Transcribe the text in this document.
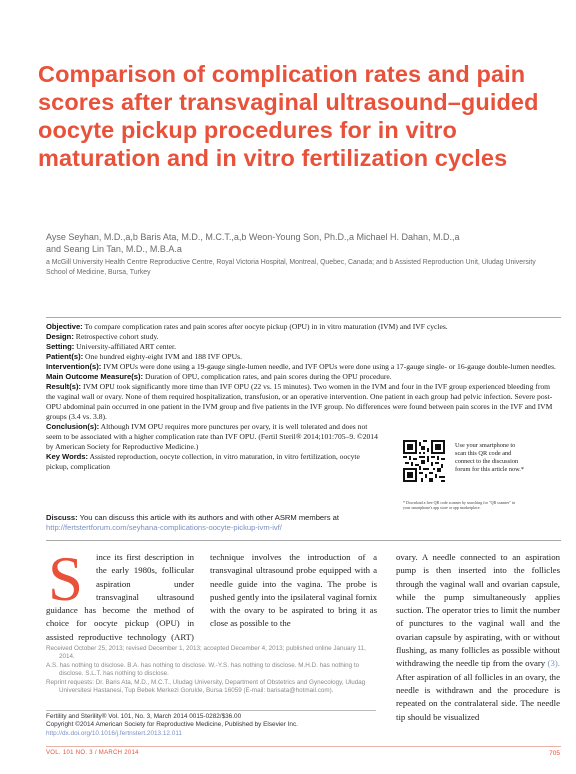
Comparison of complication rates and pain scores after transvaginal ultrasound–guided oocyte pickup procedures for in vitro maturation and in vitro fertilization cycles
Ayse Seyhan, M.D.,a,b Baris Ata, M.D., M.C.T.,a,b Weon-Young Son, Ph.D.,a Michael H. Dahan, M.D.,a
and Seang Lin Tan, M.D., M.B.A.a
a McGill University Health Centre Reproductive Centre, Royal Victoria Hospital, Montreal, Quebec, Canada; and b Assisted Reproduction Unit, Uludag University School of Medicine, Bursa, Turkey
Objective: To compare complication rates and pain scores after oocyte pickup (OPU) in in vitro maturation (IVM) and IVF cycles.
Design: Retrospective cohort study.
Setting: University-affiliated ART center.
Patient(s): One hundred eighty-eight IVM and 188 IVF OPUs.
Intervention(s): IVM OPUs were done using a 19-gauge single-lumen needle, and IVF OPUs were done using a 17-gauge single- or 16-gauge double-lumen needles.
Main Outcome Measure(s): Duration of OPU, complication rates, and pain scores during the OPU procedure.
Result(s): IVM OPU took significantly more time than IVF OPU (22 vs. 15 minutes). Two women in the IVM and four in the IVF group experienced bleeding from the vaginal wall or ovary. None of them required hospitalization, transfusion, or an operative intervention. One patient in each group had pelvic infection. Severe post-OPU abdominal pain occurred in one patient in the IVM group and five patients in the IVF group. No differences were found between pain scores in the IVF and IVM groups (3.4 vs. 3.8).
Conclusion(s): Although IVM OPU requires more punctures per ovary, it is well tolerated and does not seem to be associated with a higher complication rate than IVF OPU. (Fertil Steril® 2014;101:705–9. ©2014 by American Society for Reproductive Medicine.)
Key Words: Assisted reproduction, oocyte collection, in vitro maturation, in vitro fertilization, oocyte pickup, complication
Use your smartphone to scan this QR code and connect to the discussion forum for this article now.*
* Download a free QR code scanner by searching for "QR scanner" in your smartphone's app store or app marketplace.
Discuss: You can discuss this article with its authors and with other ASRM members at http://fertstertforum.com/seyhana-complications-oocyte-pickup-ivm-ivf/
S	ince its first description in the early 1980s, follicular aspiration under transvaginal ultrasound guidance has become the method of choice for oocyte pickup (OPU) in assisted reproductive technology (ART)
technique involves the introduction of a transvaginal ultrasound probe equipped with a needle guide into the vagina. The probe is pushed gently into the ipsilateral vaginal fornix with the ovary to be aspirated to bring it as close as possible to the
ovary. A needle connected to an aspiration pump is then inserted into the follicles through the vaginal wall and ovarian capsule, while the pump simultaneously applies suction. The operator tries to limit the number of punctures to the vaginal wall and the ovarian capsule by aspirating, with or without flushing, as many follicles as possible without withdrawing the needle tip from the ovary (3). After aspiration of all follicles in an ovary, the needle is withdrawn and the procedure is repeated on the contralateral side. The needle tip should be visualized
Received October 25, 2013; revised December 1, 2013; accepted December 4, 2013; published online January 11, 2014.
A.S. has nothing to disclose. B.A. has nothing to disclose. W.-Y.S. has nothing to disclose. M.H.D. has nothing to disclose. S.L.T. has nothing to disclose.
Reprint requests: Dr. Baris Ata, M.D., M.C.T., Uludag University, Department of Obstetrics and Gynecology, Uludag Universitesi Hastanesi, Tup Bebek Merkezi Gorukle, Bursa 16059 (E-mail: barisata@hotmail.com).
Fertility and Sterility® Vol. 101, No. 3, March 2014 0015-0282/$36.00
Copyright ©2014 American Society for Reproductive Medicine, Published by Elsevier Inc.
http://dx.doi.org/10.1016/j.fertnstert.2013.12.011
VOL. 101 NO. 3 / MARCH 2014	705
